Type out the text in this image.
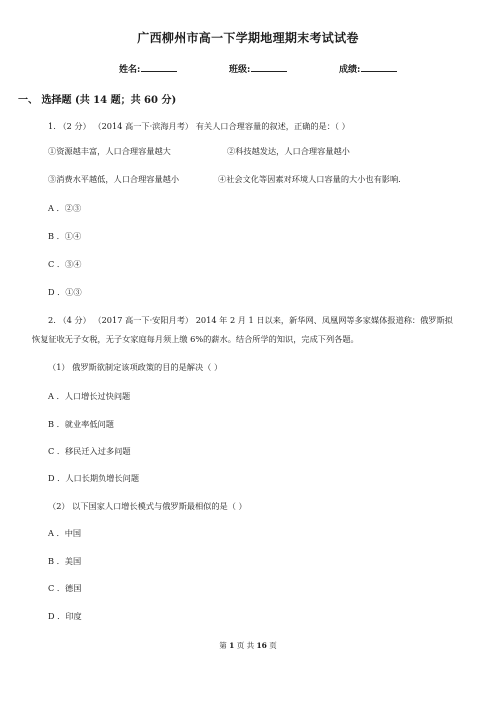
广西柳州市高一下学期地理期末考试试卷
姓名:	班级:	成绩:
一、 选择题 (共 14 题；共 60 分)
1. （2 分） （2014 高一下·滨海月考） 有关人口合理容量的叙述，正确的是：（ ）
①资源越丰富，人口合理容量越大	②科技越发达，人口合理容量越小
③消费水平越低，人口合理容量越小	④社会文化等因素对环境人口容量的大小也有影响.
A ．②③
B ．①④
C ．③④
D ．①③
2. （4 分） （2017 高一下·安阳月考） 2014 年 2 月 1 日以来，新华网、凤凰网等多家媒体报道称：俄罗斯拟
恢复征收无子女税，无子女家庭每月须上缴 6%的薪水。结合所学的知识，完成下列各题。
（1） 俄罗斯欲制定该项政策的目的是解决（ ）
A ．人口增长过快问题
B ．就业率低问题
C ．移民迁入过多问题
D ．人口长期负增长问题
（2） 以下国家人口增长模式与俄罗斯最相似的是（ ）
A ．中国
B ．美国
C ．德国
D ．印度
第 1 页 共 16 页
